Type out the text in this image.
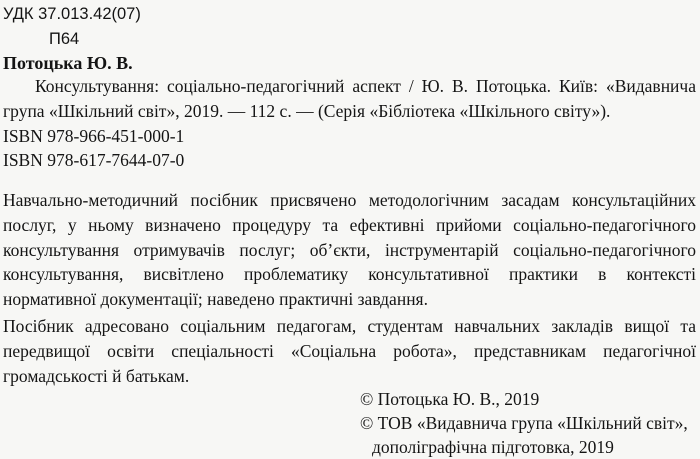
УДК 37.013.42(07)
П64
Потоцька Ю. В.
Консультування: соціально-педагогічний аспект / Ю. В. Потоцька. Київ: «Видавнича група «Шкільний світ», 2019. — 112 с. — (Серія «Бібліотека «Шкільного світу»).
ISBN 978-966-451-000-1
ISBN 978-617-7644-07-0
Навчально-методичний посібник присвячено методологічним засадам консультаційних послуг, у ньому визначено процедуру та ефективні прийоми соціально-педагогічного консультування отримувачів послуг; об’єкти, інструментарій соціально-педагогічного консультування, висвітлено проблематику консультативної практики в контексті нормативної документації; наведено практичні завдання.
Посібник адресовано соціальним педагогам, студентам навчальних закладів вищої та передвищої освіти спеціальності «Соціальна робота», представникам педагогічної громадськості й батькам.
© Потоцька Ю. В., 2019
© ТОВ «Видавнича група «Шкільний світ»,
дополіграфічна підготовка, 2019
